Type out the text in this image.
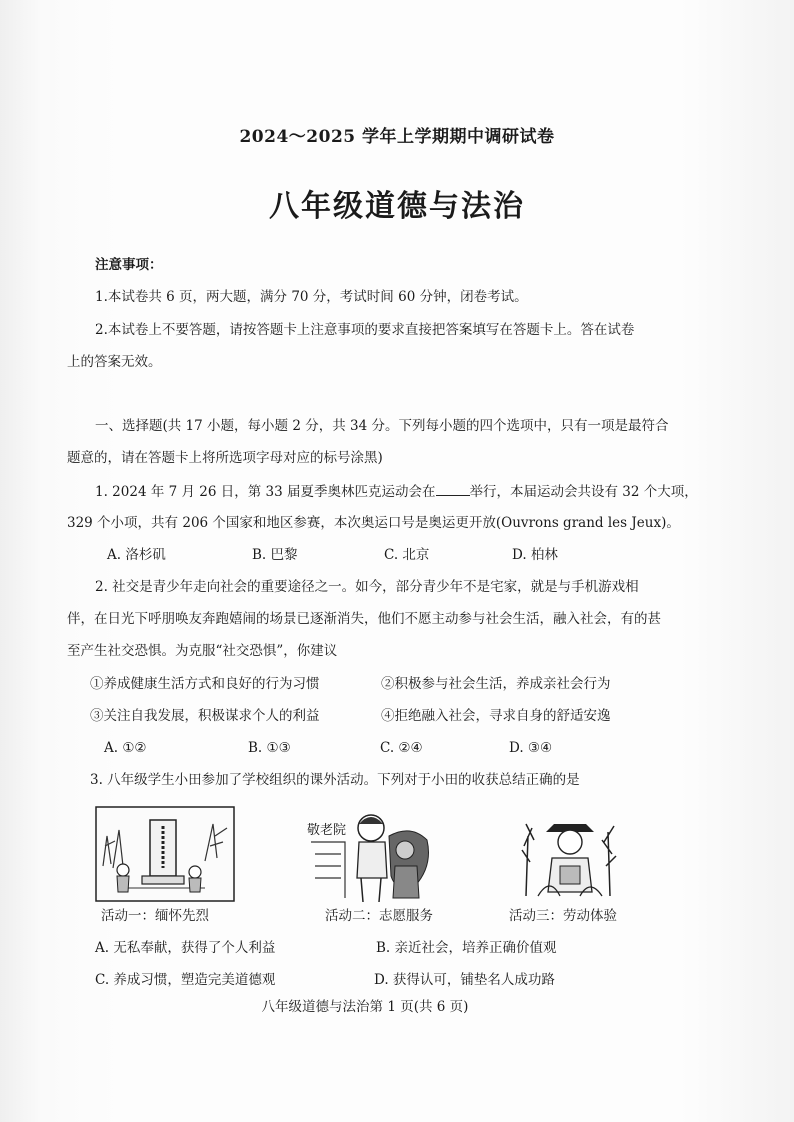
2024～2025 学年上学期期中调研试卷
八年级道德与法治
注意事项：
1.本试卷共 6 页，两大题，满分 70 分，考试时间 60 分钟，闭卷考试。
2.本试卷上不要答题，请按答题卡上注意事项的要求直接把答案填写在答题卡上。答在试卷
上的答案无效。
一、选择题(共 17 小题，每小题 2 分，共 34 分。下列每小题的四个选项中，只有一项是最符合
题意的，请在答题卡上将所选项字母对应的标号涂黑)
1. 2024 年 7 月 26 日，第 33 届夏季奥林匹克运动会在	举行，本届运动会共设有 32 个大项，
329 个小项，共有 206 个国家和地区参赛，本次奥运口号是奥运更开放(Ouvrons grand les Jeux)。
A. 洛杉矶	B. 巴黎	C. 北京	D. 柏林
2. 社交是青少年走向社会的重要途径之一。如今，部分青少年不是宅家，就是与手机游戏相
伴，在日光下呼朋唤友奔跑嬉闹的场景已逐渐消失，他们不愿主动参与社会生活，融入社会，有的甚
至产生社交恐惧。为克服“社交恐惧”，你建议
①养成健康生活方式和良好的行为习惯	②积极参与社会生活，养成亲社会行为
③关注自我发展，积极谋求个人的利益	④拒绝融入社会，寻求自身的舒适安逸
A. ①②	B. ①③	C. ②④	D. ③④
3. 八年级学生小田参加了学校组织的课外活动。下列对于小田的收获总结正确的是
敬老院
活动一：缅怀先烈	活动二：志愿服务	活动三：劳动体验
A. 无私奉献，获得了个人利益	B. 亲近社会，培养正确价值观
C. 养成习惯，塑造完美道德观	D. 获得认可，铺垫名人成功路
八年级道德与法治第 1 页(共 6 页)
